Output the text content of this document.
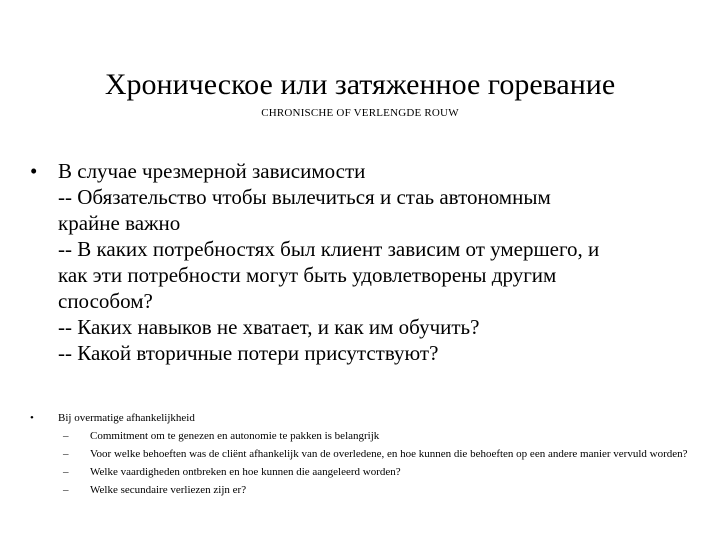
Хроническое или затяженное горевание
CHRONISCHE OF VERLENGDE ROUW
• В случае чрезмерной зависимости
-- Обязательство чтобы вылечиться и стаь автономным
крайне важно
-- В каких потребностях был клиент зависим от умершего, и
как эти потребности могут быть удовлетворены другим
способом?
-- Каких навыков не хватает, и как им обучить?
-- Какой вторичные потери присутствуют?
• Bij overmatige afhankelijkheid
– Commitment om te genezen en autonomie te pakken is belangrijk
– Voor welke behoeften was de cliënt afhankelijk van de overledene, en hoe kunnen die behoeften op een andere manier vervuld worden?
– Welke vaardigheden ontbreken en hoe kunnen die aangeleerd worden?
– Welke secundaire verliezen zijn er?
